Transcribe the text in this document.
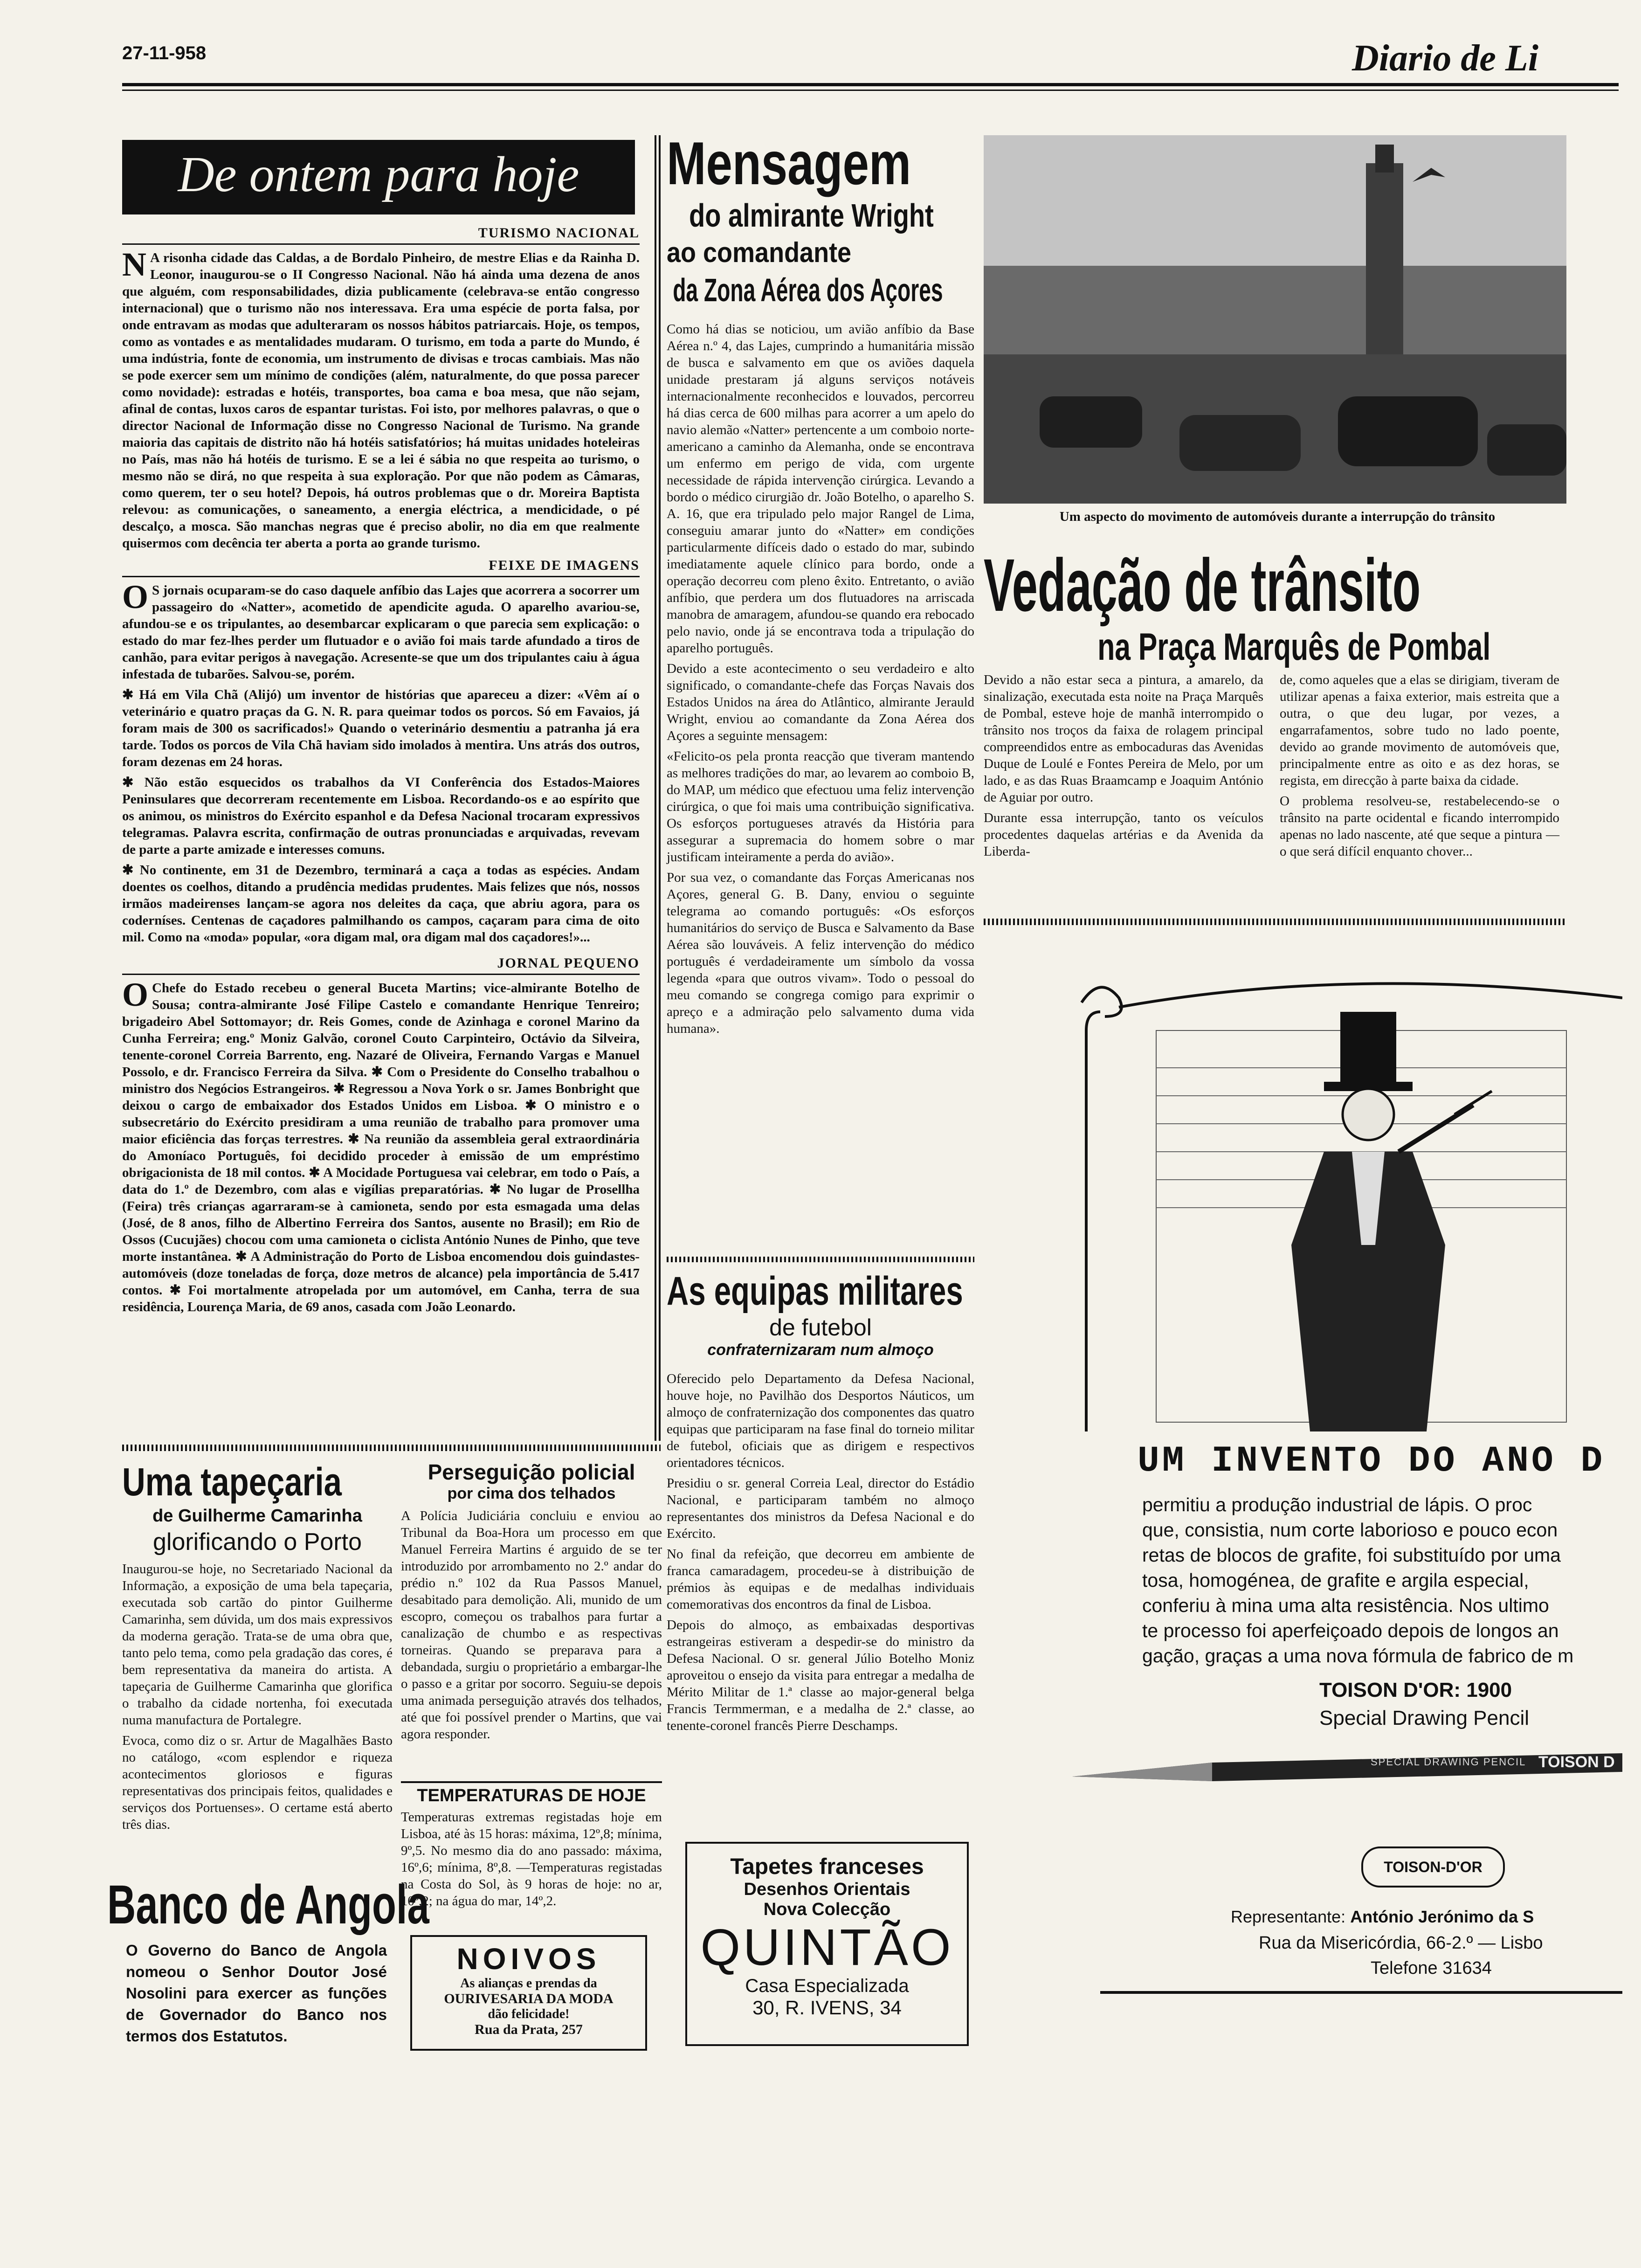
27-11-958	Diario de Li
De ontem para hoje
TURISMO NACIONAL
N A risonha cidade das Caldas, a de Bordalo Pinheiro, de mestre Elias e da Rainha D. Leonor, inaugurou-se o II Congresso Nacional. Não há ainda uma dezena de anos que alguém, com responsabilidades, dizia publicamente (celebrava-se então congresso internacional) que o turismo não nos interessava. Era uma espécie de porta falsa, por onde entravam as modas que adulteraram os nossos hábitos patriarcais. Hoje, os tempos, como as vontades e as mentalidades mudaram. O turismo, em toda a parte do Mundo, é uma indústria, fonte de economia, um instrumento de divisas e trocas cambiais. Mas não se pode exercer sem um mínimo de condições (além, naturalmente, do que possa parecer como novidade): estradas e hotéis, transportes, boa cama e boa mesa, que não sejam, afinal de contas, luxos caros de espantar turistas. Foi isto, por melhores palavras, o que o director Nacional de Informação disse no Congresso Nacional de Turismo. Na grande maioria das capitais de distrito não há hotéis satisfatórios; há muitas unidades hoteleiras no País, mas não há hotéis de turismo. E se a lei é sábia no que respeita ao turismo, o mesmo não se dirá, no que respeita à sua exploração. Por que não podem as Câmaras, como querem, ter o seu hotel? Depois, há outros problemas que o dr. Moreira Baptista relevou: as comunicações, o saneamento, a energia eléctrica, a mendicidade, o pé descalço, a mosca. São manchas negras que é preciso abolir, no dia em que realmente quisermos com decência ter aberta a porta ao grande turismo.
FEIXE DE IMAGENS

O S jornais ocuparam-se do caso daquele anfíbio das Lajes que acorrera a socorrer um passageiro do «Natter», acometido de apendicite aguda. O aparelho avariou-se, afundou-se e os tripulantes, ao desembarcar explicaram o que parecia sem explicação: o estado do mar fez-lhes perder um flutuador e o avião foi mais tarde afundado a tiros de canhão, para evitar perigos à navegação. Acresente-se que um dos tripulantes caiu à água infestada de tubarões. Salvou-se, porém.

✱ Há em Vila Chã (Alijó) um inventor de histórias que apareceu a dizer: «Vêm aí o veterinário e quatro praças da G. N. R. para queimar todos os porcos. Só em Favaios, já foram mais de 300 os sacrificados!» Quando o veterinário desmentiu a patranha já era tarde. Todos os porcos de Vila Chã haviam sido imolados à mentira. Uns atrás dos outros, foram dezenas em 24 horas.

✱ Não estão esquecidos os trabalhos da VI Conferência dos Estados-Maiores Peninsulares que decorreram recentemente em Lisboa. Recordando-os e ao espírito que os animou, os ministros do Exército espanhol e da Defesa Nacional trocaram expressivos telegramas. Palavra escrita, confirmação de outras pronunciadas e arquivadas, revevam de parte a parte amizade e interesses comuns.

✱ No continente, em 31 de Dezembro, terminará a caça a todas as espécies. Andam doentes os coelhos, ditando a prudência medidas prudentes. Mais felizes que nós, nossos irmãos madeirenses lançam-se agora nos deleites da caça, que abriu agora, para os coderníses. Centenas de caçadores palmilhando os campos, caçaram para cima de oito mil. Como na «moda» popular, «ora digam mal, ora digam mal dos caçadores!»...

JORNAL PEQUENO
O Chefe do Estado recebeu o general Buceta Martins; vice-almirante Botelho de Sousa; contra-almirante José Filipe Castelo e comandante Henrique Tenreiro; brigadeiro Abel Sottomayor; dr. Reis Gomes, conde de Azinhaga e coronel Marino da Cunha Ferreira; eng.º Moniz Galvão, coronel Couto Carpinteiro, Octávio da Silveira, tenente-coronel Correia Barrento, eng. Nazaré de Oliveira, Fernando Vargas e Manuel Possolo, e dr. Francisco Ferreira da Silva. ✱ Com o Presidente do Conselho trabalhou o ministro dos Negócios Estrangeiros. ✱ Regressou a Nova York o sr. James Bonbright que deixou o cargo de embaixador dos Estados Unidos em Lisboa. ✱ O ministro e o subsecretário do Exército presidiram a uma reunião de trabalho para promover uma maior eficiência das forças terrestres. ✱ Na reunião da assembleia geral extraordinária do Amoníaco Português, foi decidido proceder à emissão de um empréstimo obrigacionista de 18 mil contos. ✱ A Mocidade Portuguesa vai celebrar, em todo o País, a data do 1.º de Dezembro, com alas e vigílias preparatórias. ✱ No lugar de Prosellha (Feira) três crianças agarraram-se à camioneta, sendo por esta esmagada uma delas (José, de 8 anos, filho de Albertino Ferreira dos Santos, ausente no Brasil); em Rio de Ossos (Cucujães) chocou com uma camioneta o ciclista António Nunes de Pinho, que teve morte instantânea. ✱ A Administração do Porto de Lisboa encomendou dois guindastes-automóveis (doze toneladas de força, doze metros de alcance) pela importância de 5.417 contos. ✱ Foi mortalmente atropelada por um automóvel, em Canha, terra de sua residência, Lourença Maria, de 69 anos, casada com João Leonardo.
Uma tapeçaria
de Guilherme Camarinha
glorificando o Porto

Inaugurou-se hoje, no Secretariado Nacional da Informação, a exposição de uma bela tapeçaria, executada sob cartão do pintor Guilherme Camarinha, sem dúvida, um dos mais expressivos da moderna geração. Trata-se de uma obra que, tanto pelo tema, como pela gradação das cores, é bem representativa da maneira do artista. A tapeçaria de Guilherme Camarinha que glorifica o trabalho da cidade nortenha, foi executada numa manufactura de Portalegre.

Evoca, como diz o sr. Artur de Magalhães Basto no catálogo, «com esplendor e riqueza acontecimentos gloriosos e figuras representativas dos principais feitos, qualidades e serviços dos Portuenses». O certame está aberto três dias.

Banco de Angola
O Governo do Banco de Angola nomeou o Senhor Doutor José Nosolini para exercer as funções de Governador do Banco nos termos dos Estatutos.
Perseguição policial
por cima dos telhados
A Polícia Judiciária concluiu e enviou ao Tribunal da Boa-Hora um processo em que Manuel Ferreira Martins é arguido de se ter introduzido por arrombamento no 2.º andar do prédio n.º 102 da Rua Passos Manuel, desabitado para demolição. Ali, munido de um escopro, começou os trabalhos para furtar a canalização de chumbo e as respectivas torneiras. Quando se preparava para a debandada, surgiu o proprietário a embargar-lhe o passo e a gritar por socorro. Seguiu-se depois uma animada perseguição através dos telhados, até que foi possível prender o Martins, que vai agora responder.
TEMPERATURAS DE HOJE
Temperaturas extremas registadas hoje em Lisboa, até às 15 horas: máxima, 12º,8; mínima, 9º,5. No mesmo dia do ano passado: máxima, 16º,6; mínima, 8º,8. —Temperaturas registadas na Costa do Sol, às 9 horas de hoje: no ar, 10º,2; na água do mar, 14º,2.
NOIVOS
As alianças e prendas da
OURIVESARIA DA MODA
dão felicidade!
Rua da Prata, 257
Mensagem
do almirante Wright
ao comandante
da Zona Aérea dos Açores

Como há dias se noticiou, um avião anfíbio da Base Aérea n.º 4, das Lajes, cumprindo a humanitária missão de busca e salvamento em que os aviões daquela unidade prestaram já alguns serviços notáveis internacionalmente reconhecidos e louvados, percorreu há dias cerca de 600 milhas para acorrer a um apelo do navio alemão «Natter» pertencente a um comboio norte-americano a caminho da Alemanha, onde se encontrava um enfermo em perigo de vida, com urgente necessidade de rápida intervenção cirúrgica. Levando a bordo o médico cirurgião dr. João Botelho, o aparelho S. A. 16, que era tripulado pelo major Rangel de Lima, conseguiu amarar junto do «Natter» em condições particularmente difíceis dado o estado do mar, subindo imediatamente aquele clínico para bordo, onde a operação decorreu com pleno êxito. Entretanto, o avião anfíbio, que perdera um dos flutuadores na arriscada manobra de amaragem, afundou-se quando era rebocado pelo navio, onde já se encontrava toda a tripulação do aparelho português.

Devido a este acontecimento o seu verdadeiro e alto significado, o comandante-chefe das Forças Navais dos Estados Unidos na área do Atlântico, almirante Jerauld Wright, enviou ao comandante da Zona Aérea dos Açores a seguinte mensagem:

«Felicito-os pela pronta reacção que tiveram mantendo as melhores tradições do mar, ao levarem ao comboio B, do MAP, um médico que efectuou uma feliz intervenção cirúrgica, o que foi mais uma contribuição significativa. Os esforços portugueses através da História para assegurar a supremacia do homem sobre o mar justificam inteiramente a perda do avião».

Por sua vez, o comandante das Forças Americanas nos Açores, general G. B. Dany, enviou o seguinte telegrama ao comando português: «Os esforços humanitários do serviço de Busca e Salvamento da Base Aérea são louváveis. A feliz intervenção do médico português é verdadeiramente um símbolo da vossa legenda «para que outros vivam». Todo o pessoal do meu comando se congrega comigo para exprimir o apreço e a admiração pelo salvamento duma vida humana».

As equipas militares
de futebol
confraternizaram num almoço

Oferecido pelo Departamento da Defesa Nacional, houve hoje, no Pavilhão dos Desportos Náuticos, um almoço de confraternização dos componentes das quatro equipas que participaram na fase final do torneio militar de futebol, oficiais que as dirigem e respectivos orientadores técnicos.

Presidiu o sr. general Correia Leal, director do Estádio Nacional, e participaram também no almoço representantes dos ministros da Defesa Nacional e do Exército.

No final da refeição, que decorreu em ambiente de franca camaradagem, procedeu-se à distribuição de prémios às equipas e de medalhas individuais comemorativas dos encontros da final de Lisboa.

Depois do almoço, as embaixadas desportivas estrangeiras estiveram a despedir-se do ministro da Defesa Nacional. O sr. general Júlio Botelho Moniz aproveitou o ensejo da visita para entregar a medalha de Mérito Militar de 1.ª classe ao major-general belga Francis Termmerman, e a medalha de 2.ª classe, ao tenente-coronel francês Pierre Deschamps.

Tapetes franceses
Desenhos Orientais
Nova Colecção
QUINTÃO
Casa Especializada
30, R. IVENS, 34
Um aspecto do movimento de automóveis durante a interrupção do trânsito
Vedação de trânsito
na Praça Marquês de Pombal

Devido a não estar seca a pintura, a amarelo, da sinalização, executada esta noite na Praça Marquês de Pombal, esteve hoje de manhã interrompido o trânsito nos troços da faixa de rolagem principal compreendidos entre as embocaduras das Avenidas Duque de Loulé e Fontes Pereira de Melo, por um lado, e as das Ruas Braamcamp e Joaquim António de Aguiar por outro.

Durante essa interrupção, tanto os veículos procedentes daquelas artérias e da Avenida da Liberda-

de, como aqueles que a elas se dirigiam, tiveram de utilizar apenas a faixa exterior, mais estreita que a outra, o que deu lugar, por vezes, a engarrafamentos, sobre tudo no lado poente, devido ao grande movimento de automóveis que, principalmente entre as oito e as dez horas, se regista, em direcção à parte baixa da cidade.

O problema resolveu-se, restabelecendo-se o trânsito na parte ocidental e ficando interrompido apenas no lado nascente, até que seque a pintura — o que será difícil enquanto chover...

UM INVENTO DO ANO D
permitiu a produção industrial de lápis. O proc
que, consistia, num corte laborioso e pouco econ
retas de blocos de grafite, foi substituído por uma
tosa, homogénea, de grafite e argila especial,
conferiu à mina uma alta resistência. Nos ultimo
te processo foi aperfeiçoado depois de longos an
gação, graças a uma nova fórmula de fabrico de m
TOISON D'OR: 1900
Special Drawing Pencil
SPECIAL DRAWING PENCIL TOISON D
TOISON-D'OR
Representante: António Jerónimo da S
Rua da Misericórdia, 66-2.º — Lisbo
Telefone 31634
